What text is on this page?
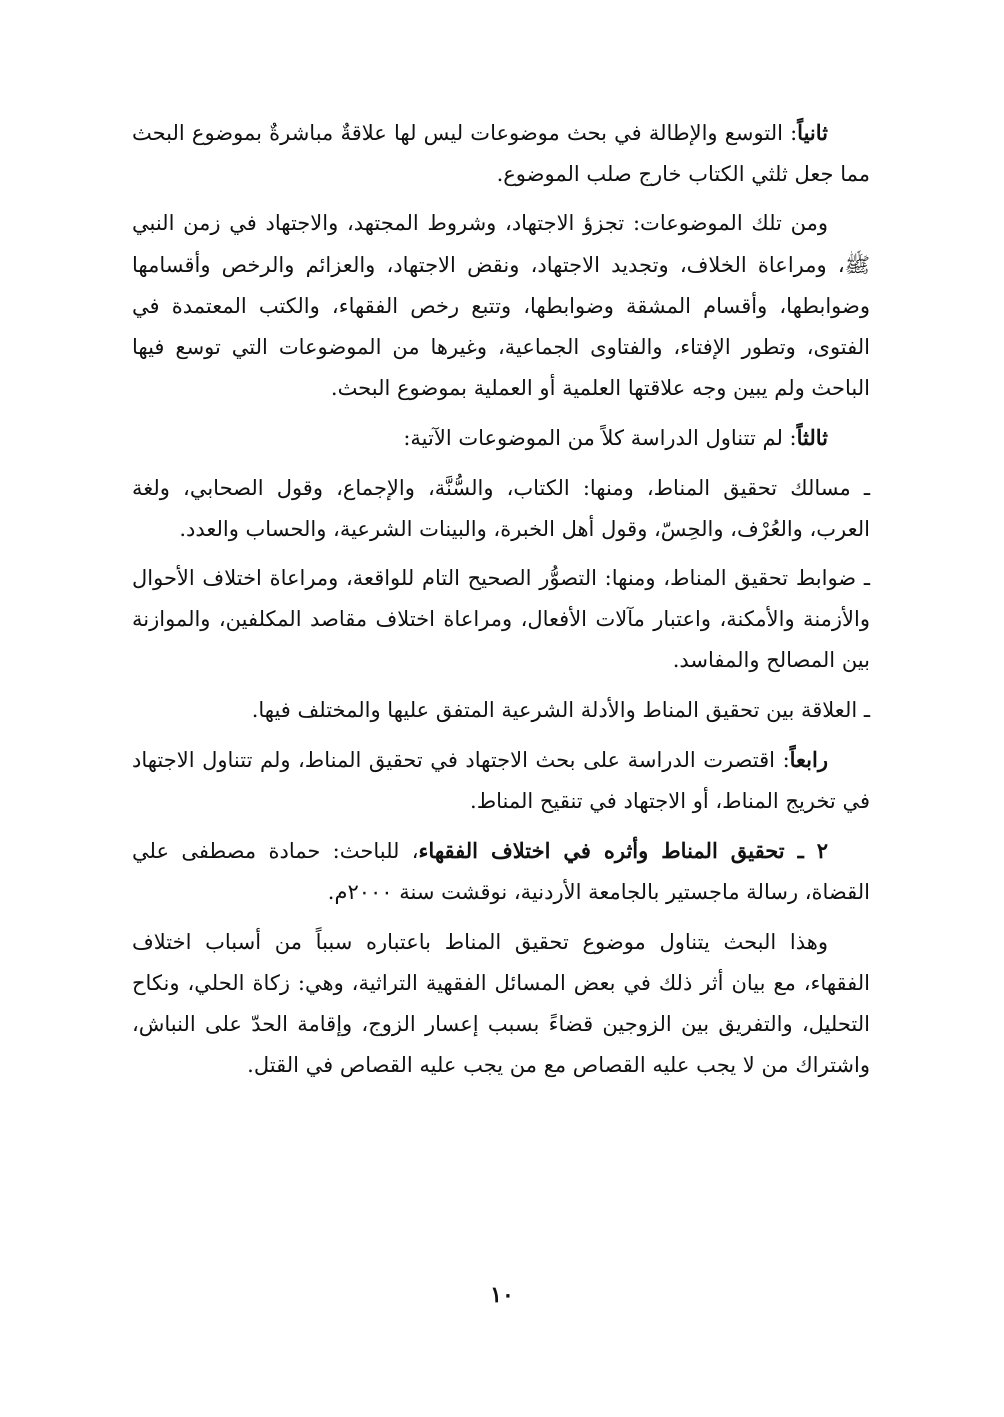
ثانياً: التوسع والإطالة في بحث موضوعات ليس لها علاقةٌ مباشرةٌ بموضوع البحث مما جعل ثلثي الكتاب خارج صلب الموضوع.

ومن تلك الموضوعات: تجزؤ الاجتهاد، وشروط المجتهد، والاجتهاد في زمن النبي ﷺ، ومراعاة الخلاف، وتجديد الاجتهاد، ونقض الاجتهاد، والعزائم والرخص وأقسامها وضوابطها، وأقسام المشقة وضوابطها، وتتبع رخص الفقهاء، والكتب المعتمدة في الفتوى، وتطور الإفتاء، والفتاوى الجماعية، وغيرها من الموضوعات التي توسع فيها الباحث ولم يبين وجه علاقتها العلمية أو العملية بموضوع البحث.

ثالثاً: لم تتناول الدراسة كلاً من الموضوعات الآتية:

ـ مسالك تحقيق المناط، ومنها: الكتاب، والسُّنَّة، والإجماع، وقول الصحابي، ولغة العرب، والعُرْف، والحِسّ، وقول أهل الخبرة، والبينات الشرعية، والحساب والعدد.

ـ ضوابط تحقيق المناط، ومنها: التصوُّر الصحيح التام للواقعة، ومراعاة اختلاف الأحوال والأزمنة والأمكنة، واعتبار مآلات الأفعال، ومراعاة اختلاف مقاصد المكلفين، والموازنة بين المصالح والمفاسد.

ـ العلاقة بين تحقيق المناط والأدلة الشرعية المتفق عليها والمختلف فيها.

رابعاً: اقتصرت الدراسة على بحث الاجتهاد في تحقيق المناط، ولم تتناول الاجتهاد في تخريج المناط، أو الاجتهاد في تنقيح المناط.

٢ ـ تحقيق المناط وأثره في اختلاف الفقهاء، للباحث: حمادة مصطفى علي القضاة، رسالة ماجستير بالجامعة الأردنية، نوقشت سنة ٢٠٠٠م.

وهذا البحث يتناول موضوع تحقيق المناط باعتباره سبباً من أسباب اختلاف الفقهاء، مع بيان أثر ذلك في بعض المسائل الفقهية التراثية، وهي: زكاة الحلي، ونكاح التحليل، والتفريق بين الزوجين قضاءً بسبب إعسار الزوج، وإقامة الحدّ على النباش، واشتراك من لا يجب عليه القصاص مع من يجب عليه القصاص في القتل.

١٠
